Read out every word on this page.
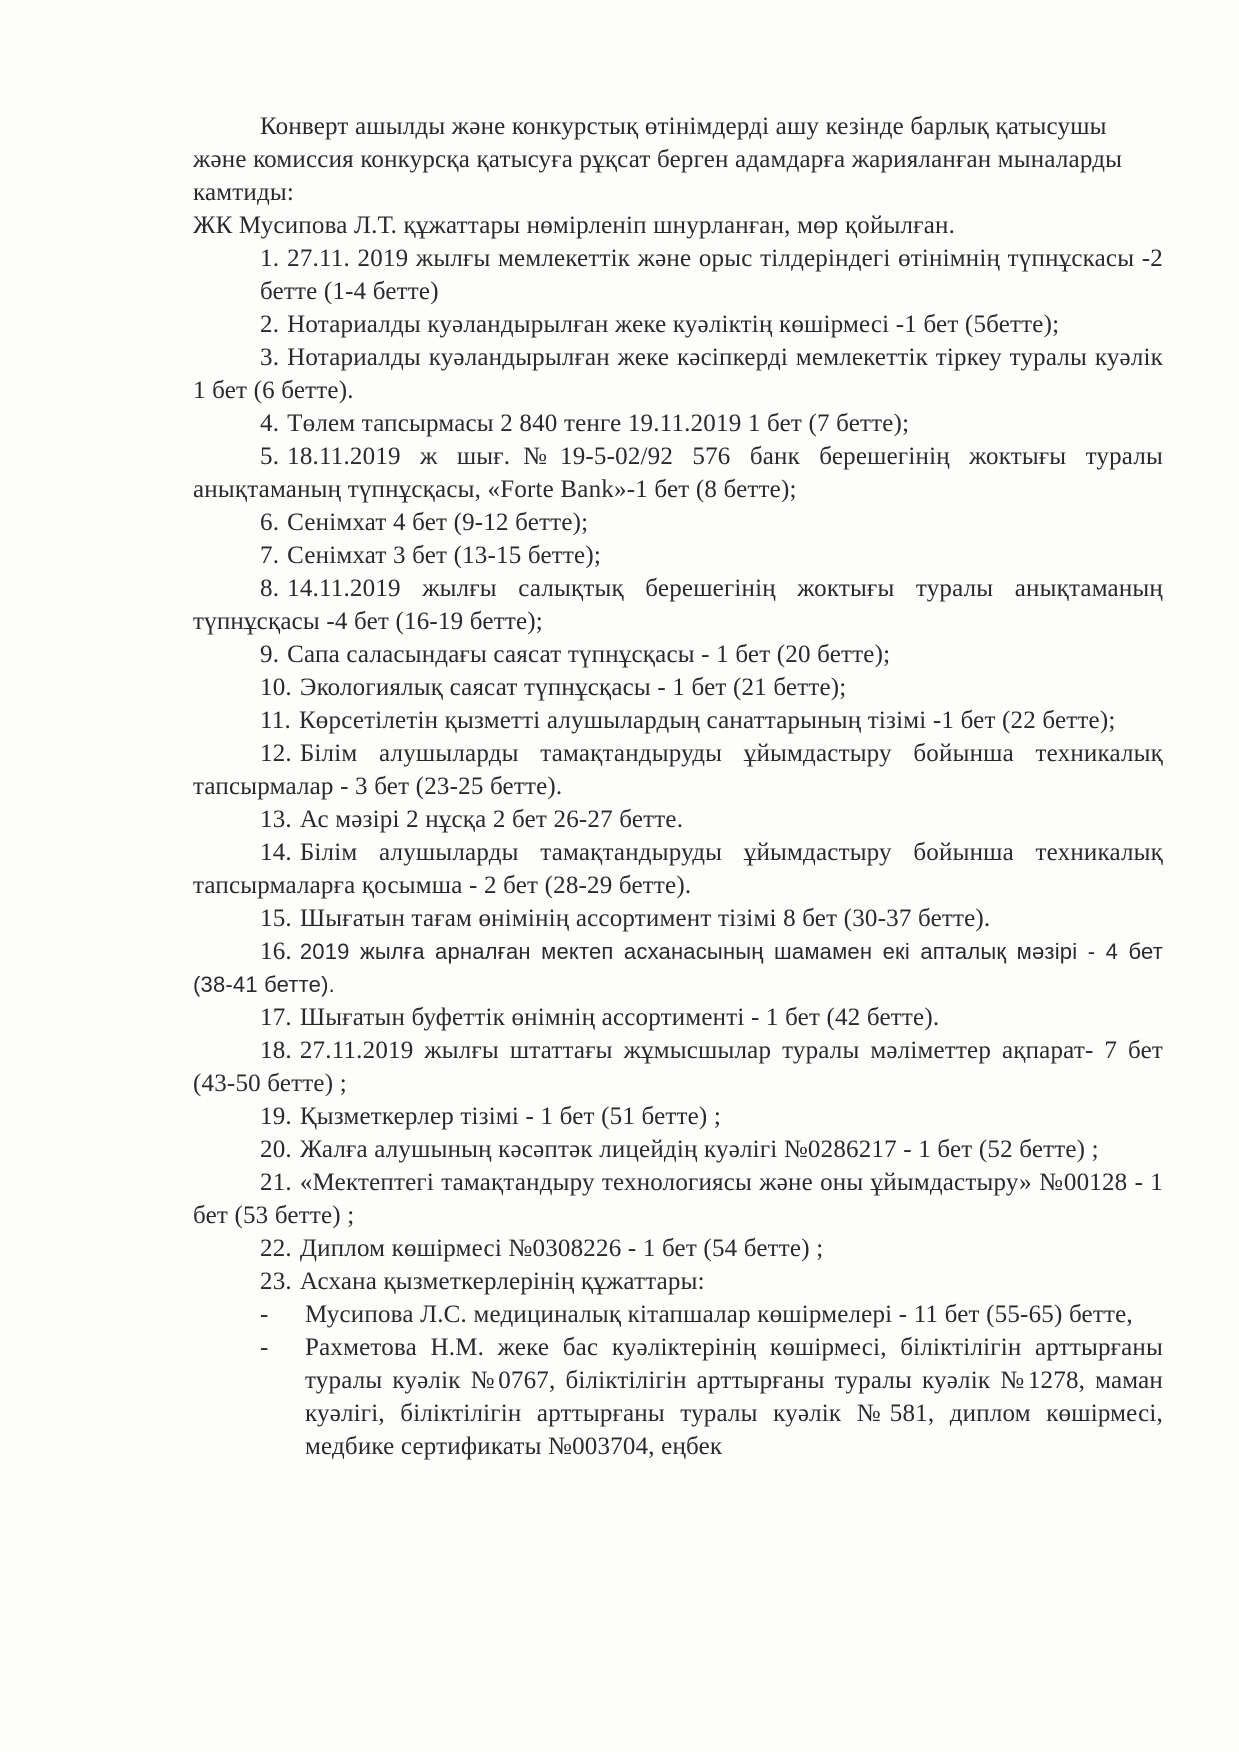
Конверт ашылды және конкурстық өтінімдерді ашу кезінде барлық қатысушы және комиссия конкурсқа қатысуға рұқсат берген адамдарға жарияланған мыналарды камтиды:

ЖК Мусипова Л.Т. құжаттары нөмірленіп шнурланған, мөр қойылған.

1. 27.11. 2019 жылғы мемлекеттік және орыс тілдеріндегі өтінімнің түпнұскасы -2 бетте (1-4 бетте)

2. Нотариалды куәландырылған жеке куәліктің көшірмесі -1 бет (5бетте);

3. Нотариалды куәландырылған жеке кәсіпкерді мемлекеттік тіркеу туралы куәлік 1 бет (6 бетте).

4. Төлем тапсырмасы 2 840 тенге 19.11.2019 1 бет (7 бетте);

5. 18.11.2019 ж шығ.№19-5-02/92 576 банк берешегінің жоктығы туралы анықтаманың түпнұсқасы, «Forte Bank»-1 бет (8 бетте);

6. Сенімхат 4 бет (9-12 бетте);

7. Сенімхат 3 бет (13-15 бетте);

8. 14.11.2019 жылғы салықтық берешегінің жоктығы туралы анықтаманың түпнұсқасы -4 бет (16-19 бетте);

9. Сапа саласындағы саясат түпнұсқасы - 1 бет (20 бетте);

10. Экологиялық саясат түпнұсқасы - 1 бет (21 бетте);

11. Көрсетілетін қызметті алушылардың санаттарының тізімі -1 бет (22 бетте);

12. Білім алушыларды тамақтандыруды ұйымдастыру бойынша техникалық тапсырмалар - 3 бет (23-25 бетте).

13. Ас мәзірі 2 нұсқа 2 бет 26-27 бетте.

14. Білім алушыларды тамақтандыруды ұйымдастыру бойынша техникалық тапсырмаларға қосымша - 2 бет (28-29 бетте).

15. Шығатын тағам өнімінің ассортимент тізімі 8 бет (30-37 бетте).

16. 2019 жылға арналған мектеп асханасының шамамен екі апталық мәзірі - 4 бет (38-41 бетте).

17. Шығатын буфеттік өнімнің ассортименті - 1 бет (42 бетте).

18. 27.11.2019 жылғы штаттағы жұмысшылар туралы мәліметтер ақпарат- 7 бет (43-50 бетте) ;

19. Қызметкерлер тізімі - 1 бет (51 бетте) ;

20. Жалға алушының кәсәптәк лицейдің куәлігі №0286217 - 1 бет (52 бетте) ;

21. «Мектептегі тамақтандыру технологиясы және оны ұйымдастыру» №00128 - 1 бет (53 бетте) ;

22. Диплом көшірмесі №0308226 - 1 бет (54 бетте) ;

23. Асхана қызметкерлерінің құжаттары:

-	Мусипова Л.С. медициналық кітапшалар көшірмелері - 11 бет (55-65) бетте,
-	Рахметова Н.М. жеке бас куәліктерінің көшірмесі, біліктілігін арттырғаны туралы куәлік №0767, біліктілігін арттырғаны туралы куәлік №1278, маман куәлігі, біліктілігін арттырғаны туралы куәлік №581, диплом көшірмесі, медбике сертификаты №003704, еңбек
